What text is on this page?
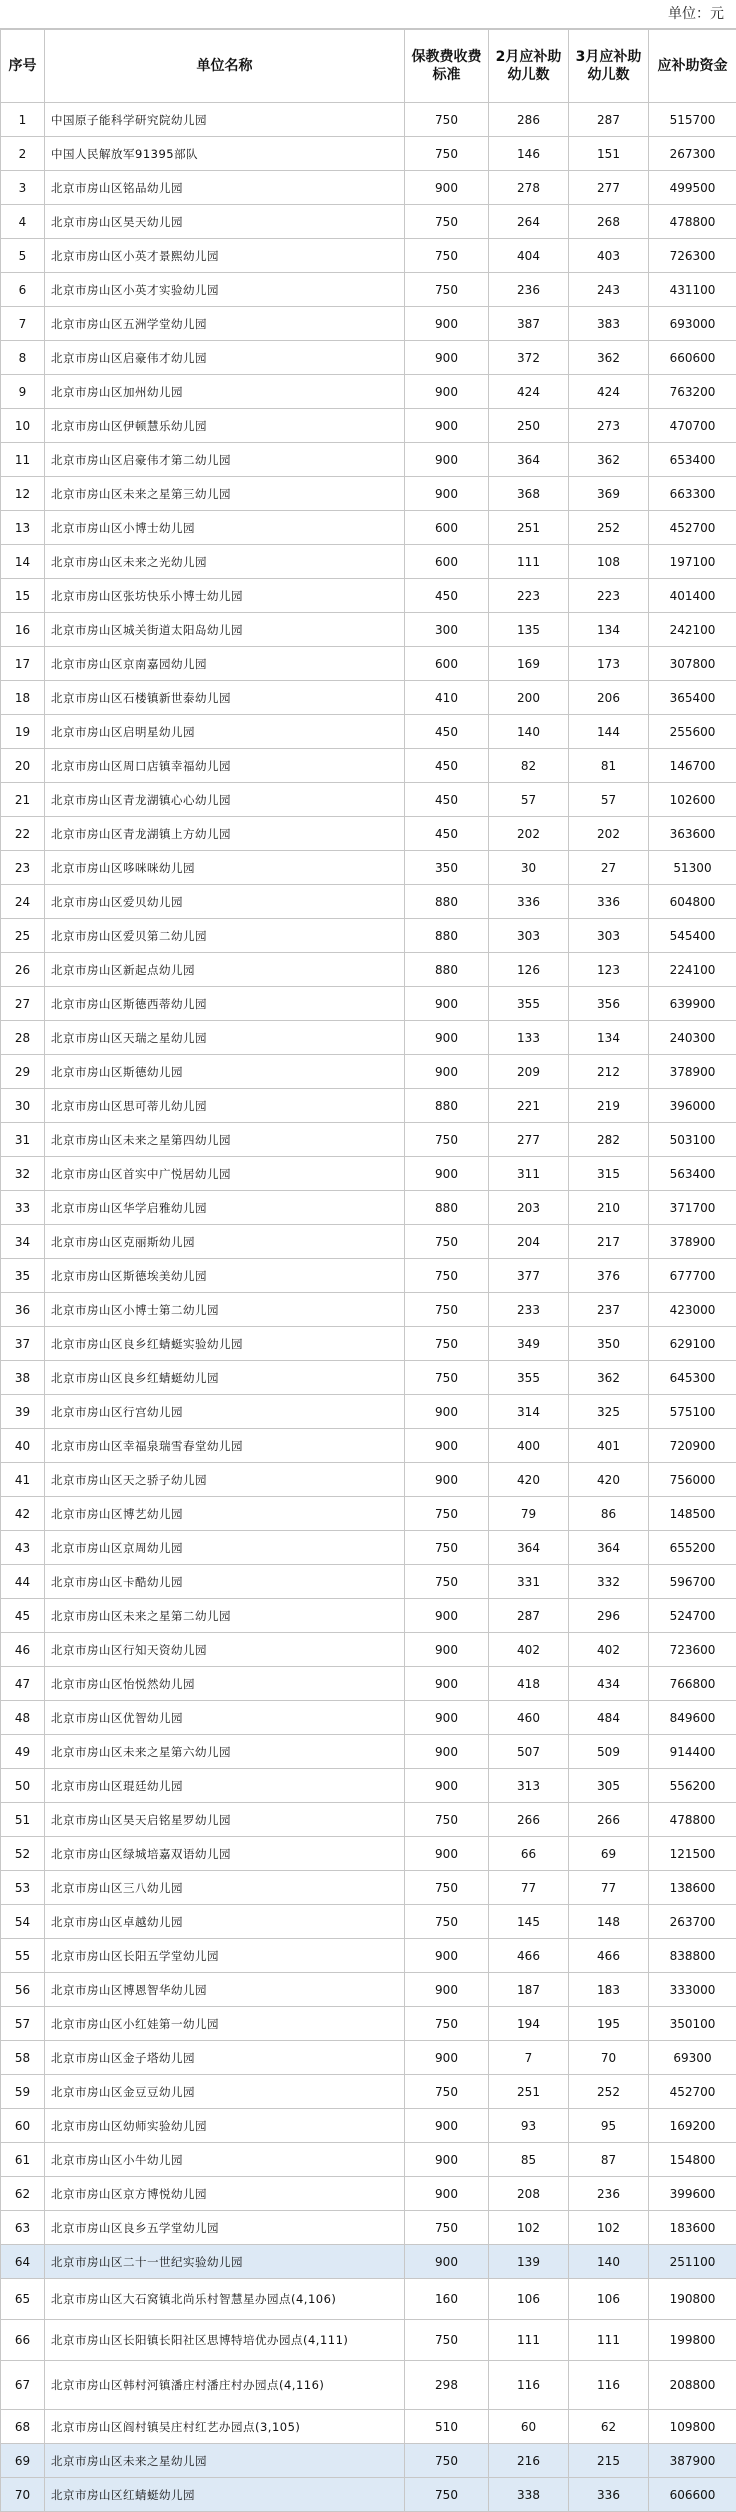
单位：元
序号	单位名称	保教费收费标准	2月应补助幼儿数	3月应补助幼儿数	应补助资金
1	中国原子能科学研究院幼儿园	750	286	287	515700
2	中国人民解放军91395部队	750	146	151	267300
3	北京市房山区铭品幼儿园	900	278	277	499500
4	北京市房山区昊天幼儿园	750	264	268	478800
5	北京市房山区小英才景熙幼儿园	750	404	403	726300
6	北京市房山区小英才实验幼儿园	750	236	243	431100
7	北京市房山区五洲学堂幼儿园	900	387	383	693000
8	北京市房山区启豪伟才幼儿园	900	372	362	660600
9	北京市房山区加州幼儿园	900	424	424	763200
10	北京市房山区伊顿慧乐幼儿园	900	250	273	470700
11	北京市房山区启豪伟才第二幼儿园	900	364	362	653400
12	北京市房山区未来之星第三幼儿园	900	368	369	663300
13	北京市房山区小博士幼儿园	600	251	252	452700
14	北京市房山区未来之光幼儿园	600	111	108	197100
15	北京市房山区张坊快乐小博士幼儿园	450	223	223	401400
16	北京市房山区城关街道太阳岛幼儿园	300	135	134	242100
17	北京市房山区京南嘉园幼儿园	600	169	173	307800
18	北京市房山区石楼镇新世泰幼儿园	410	200	206	365400
19	北京市房山区启明星幼儿园	450	140	144	255600
20	北京市房山区周口店镇幸福幼儿园	450	82	81	146700
21	北京市房山区青龙湖镇心心幼儿园	450	57	57	102600
22	北京市房山区青龙湖镇上方幼儿园	450	202	202	363600
23	北京市房山区哆咪咪幼儿园	350	30	27	51300
24	北京市房山区爱贝幼儿园	880	336	336	604800
25	北京市房山区爱贝第二幼儿园	880	303	303	545400
26	北京市房山区新起点幼儿园	880	126	123	224100
27	北京市房山区斯德西蒂幼儿园	900	355	356	639900
28	北京市房山区天瑞之星幼儿园	900	133	134	240300
29	北京市房山区斯德幼儿园	900	209	212	378900
30	北京市房山区思可蒂儿幼儿园	880	221	219	396000
31	北京市房山区未来之星第四幼儿园	750	277	282	503100
32	北京市房山区首实中广悦居幼儿园	900	311	315	563400
33	北京市房山区华学启雅幼儿园	880	203	210	371700
34	北京市房山区克丽斯幼儿园	750	204	217	378900
35	北京市房山区斯德埃美幼儿园	750	377	376	677700
36	北京市房山区小博士第二幼儿园	750	233	237	423000
37	北京市房山区良乡红蜻蜓实验幼儿园	750	349	350	629100
38	北京市房山区良乡红蜻蜓幼儿园	750	355	362	645300
39	北京市房山区行宫幼儿园	900	314	325	575100
40	北京市房山区幸福泉瑞雪春堂幼儿园	900	400	401	720900
41	北京市房山区天之骄子幼儿园	900	420	420	756000
42	北京市房山区博艺幼儿园	750	79	86	148500
43	北京市房山区京周幼儿园	750	364	364	655200
44	北京市房山区卡酷幼儿园	750	331	332	596700
45	北京市房山区未来之星第二幼儿园	900	287	296	524700
46	北京市房山区行知天资幼儿园	900	402	402	723600
47	北京市房山区怡悦然幼儿园	900	418	434	766800
48	北京市房山区优智幼儿园	900	460	484	849600
49	北京市房山区未来之星第六幼儿园	900	507	509	914400
50	北京市房山区琨廷幼儿园	900	313	305	556200
51	北京市房山区昊天启铭星罗幼儿园	750	266	266	478800
52	北京市房山区绿城培嘉双语幼儿园	900	66	69	121500
53	北京市房山区三八幼儿园	750	77	77	138600
54	北京市房山区卓越幼儿园	750	145	148	263700
55	北京市房山区长阳五学堂幼儿园	900	466	466	838800
56	北京市房山区博恩智华幼儿园	900	187	183	333000
57	北京市房山区小红娃第一幼儿园	750	194	195	350100
58	北京市房山区金子塔幼儿园	900	7	70	69300
59	北京市房山区金豆豆幼儿园	750	251	252	452700
60	北京市房山区幼师实验幼儿园	900	93	95	169200
61	北京市房山区小牛幼儿园	900	85	87	154800
62	北京市房山区京方博悦幼儿园	900	208	236	399600
63	北京市房山区良乡五学堂幼儿园	750	102	102	183600
64	北京市房山区二十一世纪实验幼儿园	900	139	140	251100
65	北京市房山区大石窝镇北尚乐村智慧星办园点(4,106)	160	106	106	190800
66	北京市房山区长阳镇长阳社区思博特培优办园点(4,111)	750	111	111	199800
67	北京市房山区韩村河镇潘庄村潘庄村办园点(4,116)	298	116	116	208800
68	北京市房山区阎村镇吴庄村红艺办园点(3,105)	510	60	62	109800
69	北京市房山区未来之星幼儿园	750	216	215	387900
70	北京市房山区红蜻蜓幼儿园	750	338	336	606600
